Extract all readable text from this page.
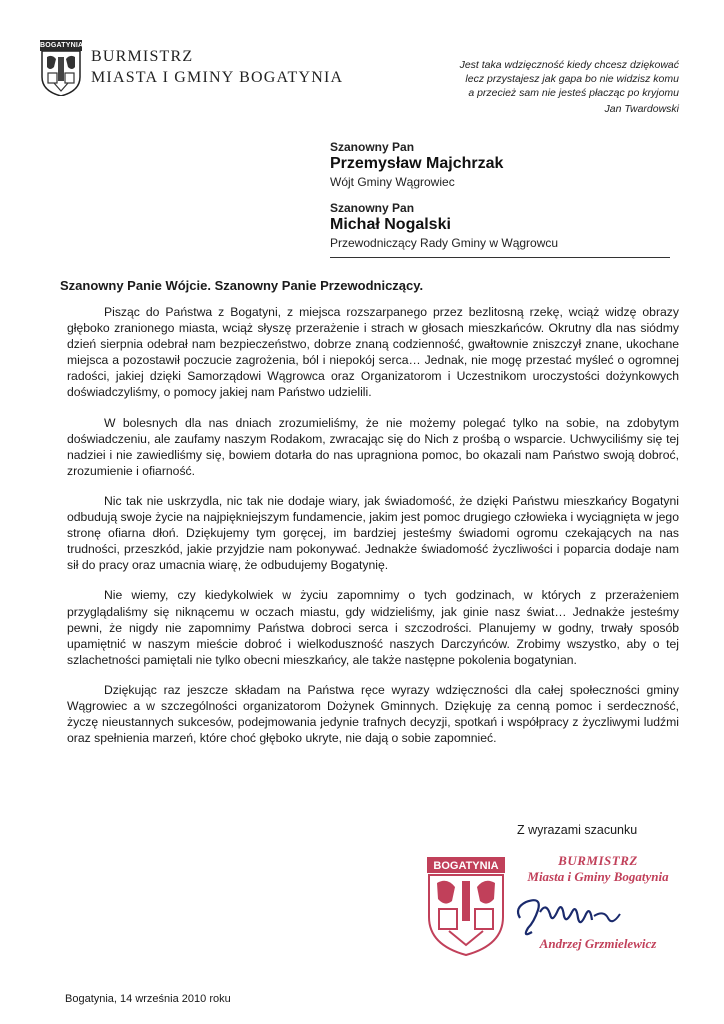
BOGATYNIA
BURMISTRZ
MIASTA I GMINY BOGATYNIA
Jest taka wdzięczność kiedy chcesz dziękować
lecz przystajesz jak gapa bo nie widzisz komu
a przecież sam nie jesteś płacząc po kryjomu
Jan Twardowski
Szanowny Pan
Przemysław Majchrzak
Wójt Gminy Wągrowiec
Szanowny Pan
Michał Nogalski
Przewodniczący Rady Gminy w Wągrowcu
Szanowny Panie Wójcie. Szanowny Panie Przewodniczący.

Pisząc do Państwa z Bogatyni, z miejsca rozszarpanego przez bezlitosną rzekę, wciąż widzę obrazy głęboko zranionego miasta, wciąż słyszę przerażenie i strach w głosach mieszkańców. Okrutny dla nas siódmy dzień sierpnia odebrał nam bezpieczeństwo, dobrze znaną codzienność, gwałtownie zniszczył znane, ukochane miejsca a pozostawił poczucie zagrożenia, ból i niepokój serca… Jednak, nie mogę przestać myśleć o ogromnej radości, jakiej dzięki Samorządowi Wągrowca oraz Organizatorom i Uczestnikom uroczystości dożynkowych doświadczyliśmy, o pomocy jakiej nam Państwo udzielili.

W bolesnych dla nas dniach zrozumieliśmy, że nie możemy polegać tylko na sobie, na zdobytym doświadczeniu, ale zaufamy naszym Rodakom, zwracając się do Nich z prośbą o wsparcie. Uchwyciliśmy się tej nadziei i nie zawiedliśmy się, bowiem dotarła do nas upragniona pomoc, bo okazali nam Państwo swoją dobroć, zrozumienie i ofiarność.

Nic tak nie uskrzydla, nic tak nie dodaje wiary, jak świadomość, że dzięki Państwu mieszkańcy Bogatyni odbudują swoje życie na najpiękniejszym fundamencie, jakim jest pomoc drugiego człowieka i wyciągnięta w jego stronę ofiarna dłoń. Dziękujemy tym goręcej, im bardziej jesteśmy świadomi ogromu czekających na nas trudności, przeszkód, jakie przyjdzie nam pokonywać. Jednakże świadomość życzliwości i poparcia dodaje nam sił do pracy oraz umacnia wiarę, że odbudujemy Bogatynię.

Nie wiemy, czy kiedykolwiek w życiu zapomnimy o tych godzinach, w których z przerażeniem przyglądaliśmy się niknącemu w oczach miastu, gdy widzieliśmy, jak ginie nasz świat… Jednakże jesteśmy pewni, że nigdy nie zapomnimy Państwa dobroci serca i szczodrości. Planujemy w godny, trwały sposób upamiętnić w naszym mieście dobroć i wielkoduszność naszych Darczyńców. Zrobimy wszystko, aby o tej szlachetności pamiętali nie tylko obecni mieszkańcy, ale także następne pokolenia bogatynian.

Dziękując raz jeszcze składam na Państwa ręce wyrazy wdzięczności dla całej społeczności gminy Wągrowiec a w szczególności organizatorom Dożynek Gminnych. Dziękuję za cenną pomoc i serdeczność, życzę nieustannych sukcesów, podejmowania jedynie trafnych decyzji, spotkań i współpracy z życzliwymi ludźmi oraz spełnienia marzeń, które choć głęboko ukryte, nie dają o sobie zapomnieć.

Z wyrazami szacunku
BOGATYNIA	BURMISTRZ
Miasta i Gminy Bogatynia
Andrzej Grzmielewicz
Bogatynia, 14 września 2010 roku
